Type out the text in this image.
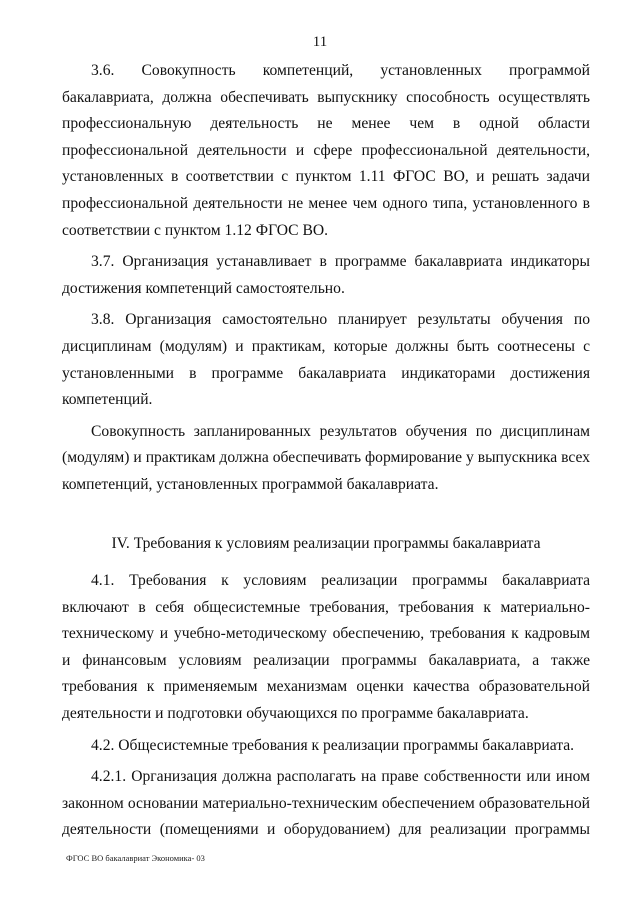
11

3.6. Совокупность компетенций, установленных программой бакалавриата, должна обеспечивать выпускнику способность осуществлять профессиональную деятельность не менее чем в одной области профессиональной деятельности и сфере профессиональной деятельности, установленных в соответствии с пунктом 1.11 ФГОС ВО, и решать задачи профессиональной деятельности не менее чем одного типа, установленного в соответствии с пунктом 1.12 ФГОС ВО.

3.7. Организация устанавливает в программе бакалавриата индикаторы достижения компетенций самостоятельно.

3.8. Организация самостоятельно планирует результаты обучения по дисциплинам (модулям) и практикам, которые должны быть соотнесены с установленными в программе бакалавриата индикаторами достижения компетенций.

Совокупность запланированных результатов обучения по дисциплинам (модулям) и практикам должна обеспечивать формирование у выпускника всех компетенций, установленных программой бакалавриата.

IV. Требования к условиям реализации программы бакалавриата

4.1. Требования к условиям реализации программы бакалавриата включают в себя общесистемные требования, требования к материально-техническому и учебно-методическому обеспечению, требования к кадровым и финансовым условиям реализации программы бакалавриата, а также требования к применяемым механизмам оценки качества образовательной деятельности и подготовки обучающихся по программе бакалавриата.

4.2. Общесистемные требования к реализации программы бакалавриата.

4.2.1. Организация должна располагать на праве собственности или ином законном основании материально-техническим обеспечением образовательной деятельности (помещениями и оборудованием) для реализации программы

ФГОС ВО бакалавриат Экономика- 03
